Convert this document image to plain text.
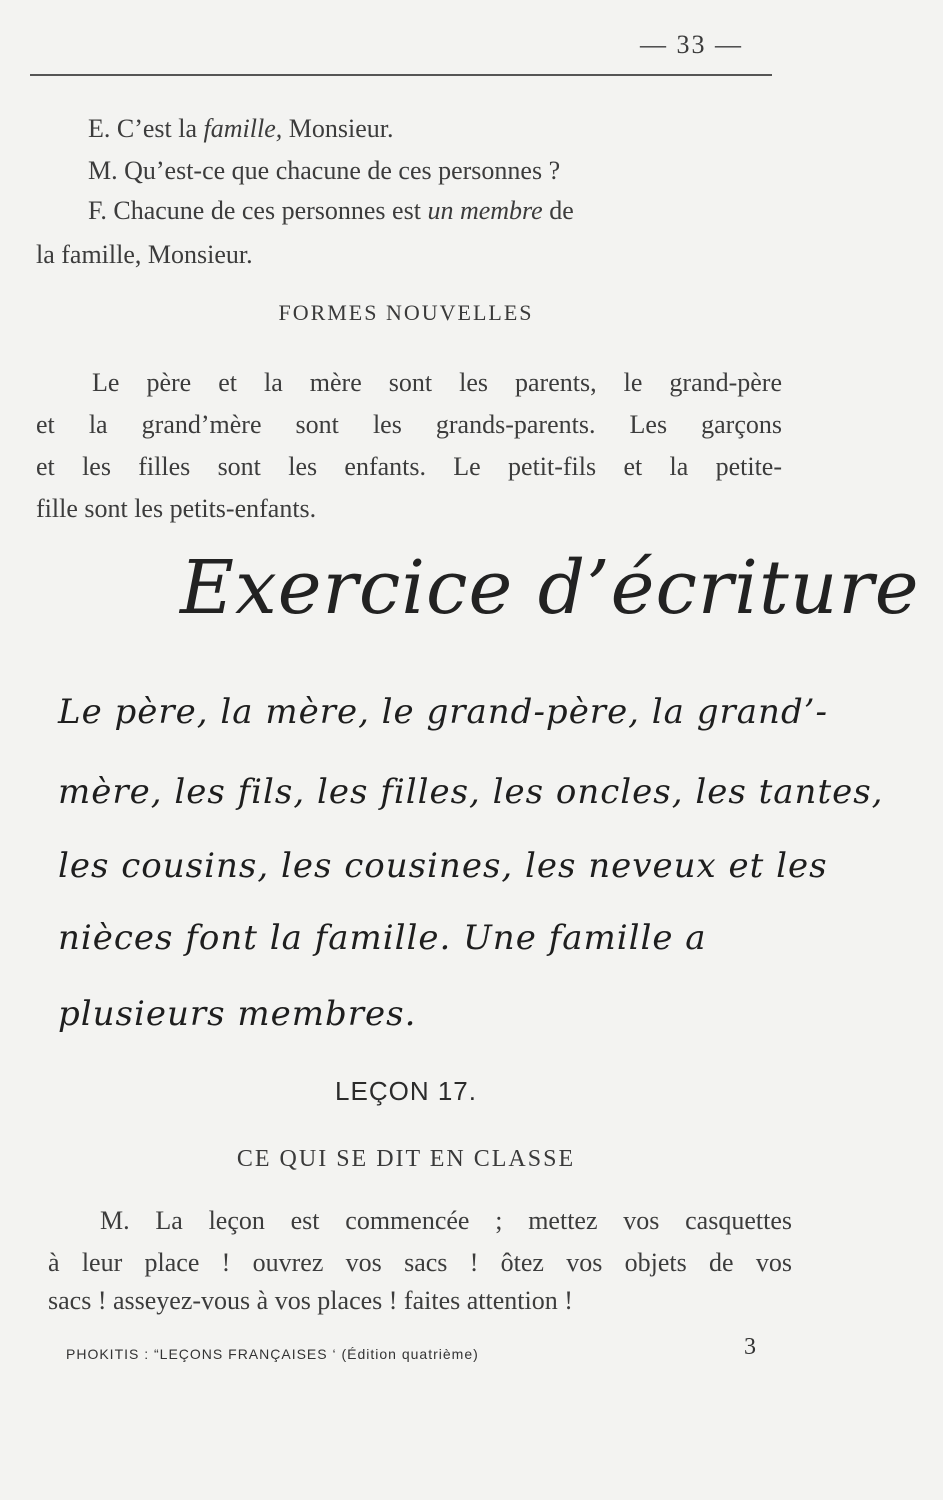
— 33 —
E. C’est la famille, Monsieur.
M. Qu’est-ce que chacune de ces personnes ?
F. Chacune de ces personnes est un membre de
la famille, Monsieur.
FORMES NOUVELLES
Le père et la mère sont les parents, le grand-père
et la grand’mère sont les grands-parents. Les garçons
et les filles sont les enfants. Le petit-fils et la petite-
fille sont les petits-enfants.
Exercice d’écriture
Le père, la mère, le grand-père, la grand’-
mère, les fils, les filles, les oncles, les tantes,
les cousins, les cousines, les neveux et les
nièces font la famille. Une famille a
plusieurs membres.
LEÇON 17.
CE QUI SE DIT EN CLASSE
M. La leçon est commencée ; mettez vos casquettes
à leur place ! ouvrez vos sacs ! ôtez vos objets de vos
sacs ! asseyez-vous à vos places ! faites attention !
PHOKITIS : “LEÇONS FRANÇAISES ‘ (Édition quatrième)	3
